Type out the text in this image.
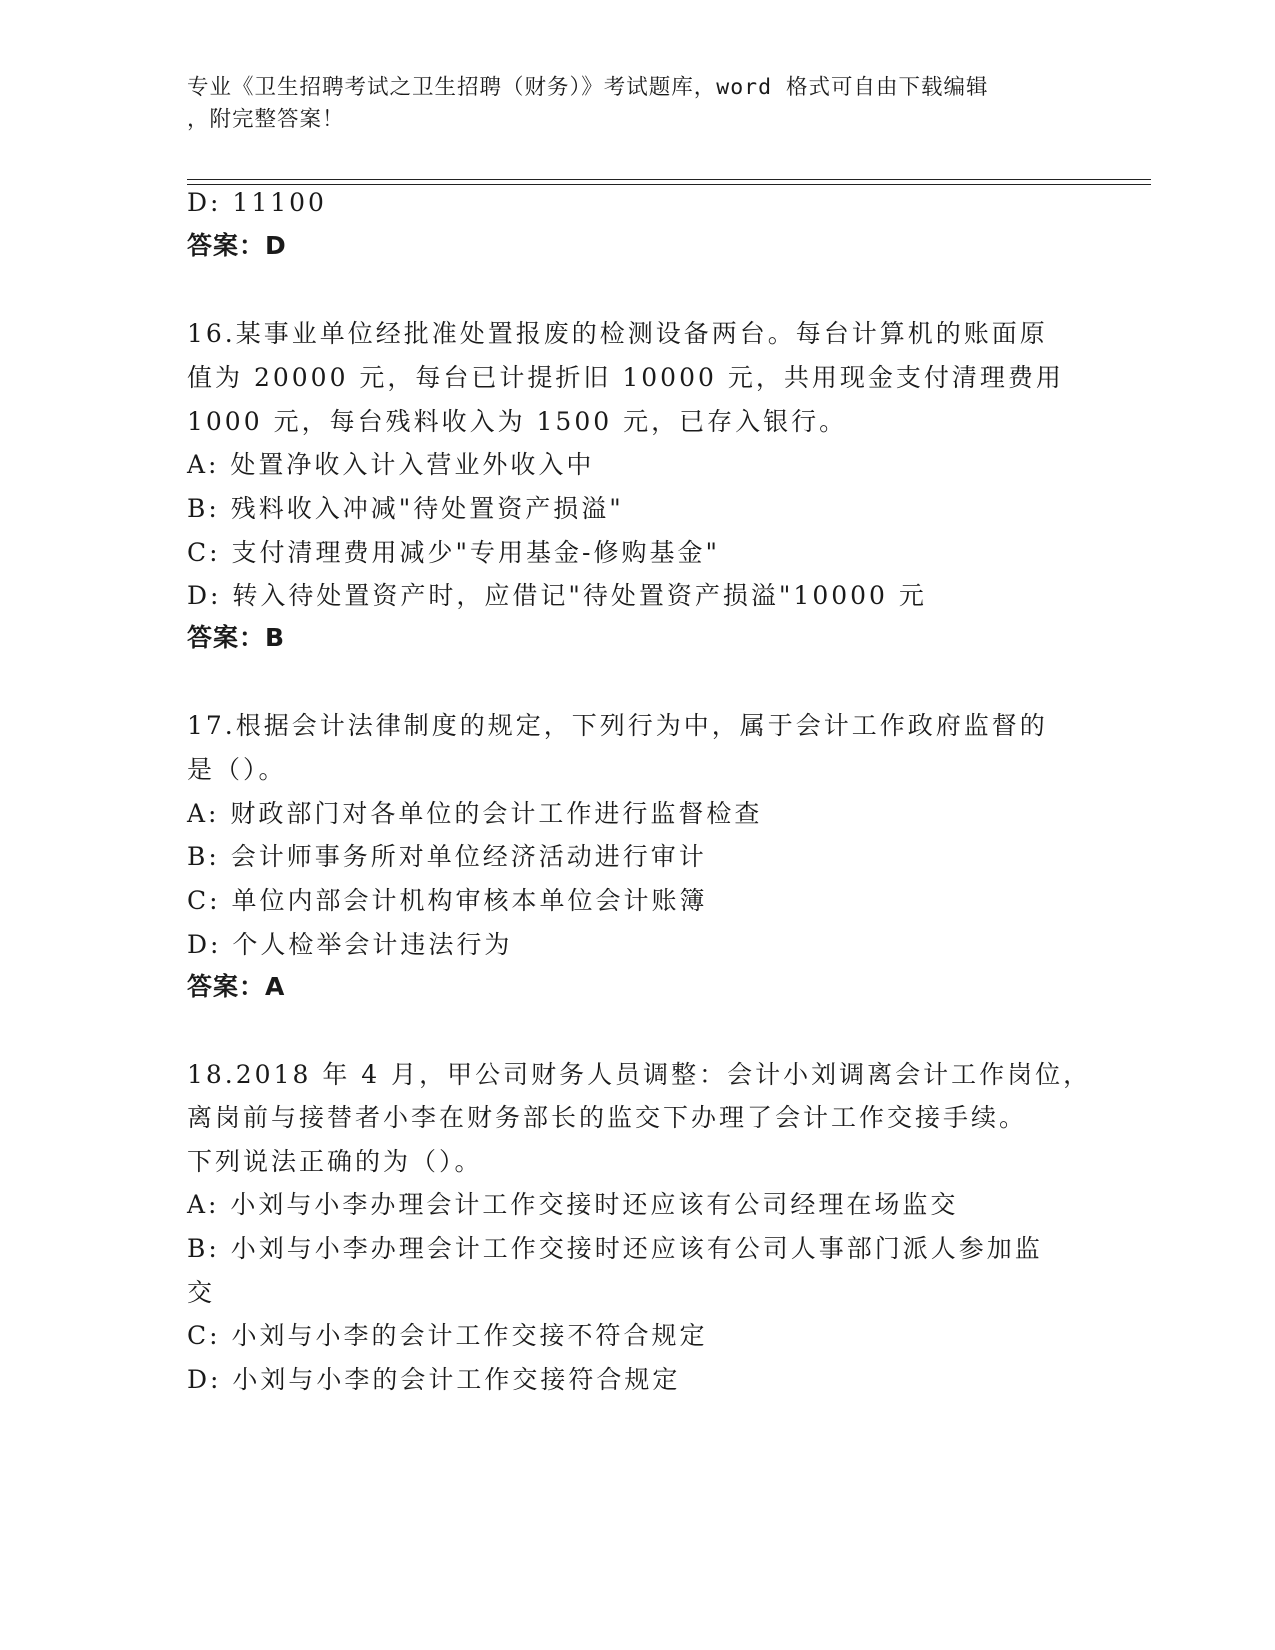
专业《卫生招聘考试之卫生招聘（财务）》考试题库，word 格式可自由下载编辑
，附完整答案！
D: 11100
答案：D
16.某事业单位经批准处置报废的检测设备两台。每台计算机的账面原
值为 20000 元，每台已计提折旧 10000 元，共用现金支付清理费用
1000 元，每台残料收入为 1500 元，已存入银行。
A: 处置净收入计入营业外收入中
B: 残料收入冲减"待处置资产损溢"
C: 支付清理费用减少"专用基金-修购基金"
D: 转入待处置资产时，应借记"待处置资产损溢"10000 元
答案：B
17.根据会计法律制度的规定，下列行为中，属于会计工作政府监督的
是（）。
A: 财政部门对各单位的会计工作进行监督检查
B: 会计师事务所对单位经济活动进行审计
C: 单位内部会计机构审核本单位会计账簿
D: 个人检举会计违法行为
答案：A
18.2018 年 4 月，甲公司财务人员调整：会计小刘调离会计工作岗位，
离岗前与接替者小李在财务部长的监交下办理了会计工作交接手续。
下列说法正确的为（）。
A: 小刘与小李办理会计工作交接时还应该有公司经理在场监交
B: 小刘与小李办理会计工作交接时还应该有公司人事部门派人参加监
交
C: 小刘与小李的会计工作交接不符合规定
D: 小刘与小李的会计工作交接符合规定
